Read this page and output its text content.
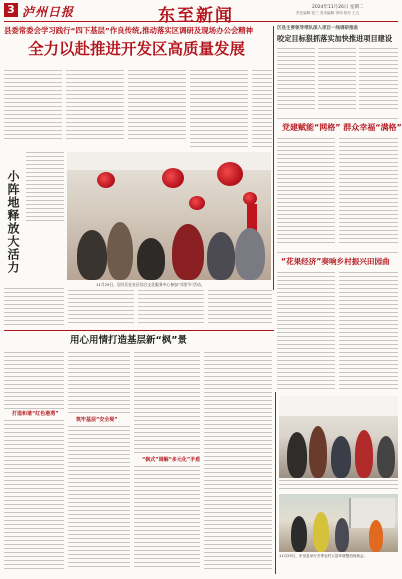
3 泸州日报	东至新闻	2024年11月26日 星期二
责任编辑 张三 美术编辑 李四 校对 王五
县委常委会学习践行“四下基层”作良传统,推动落实区调研及现场办公会精神
全力以赴推进开发区高质量发展
11月25日，居民们在社区综合文化服务中心参加“邻里节”活动。
小阵地释放大活力
区县主要领导带队深入项目一线调研推进
咬定目标狠抓落实加快推进项目建设
党建赋能“网格” 群众幸福“满格”
“花果经济”奏响乡村振兴田园曲
用心用情打造基层新“枫”景
打造和谐“红色港湾”
筑牢基层“安全堤”
“枫式”调解“多元化”矛盾
11月25日，东至县举行冬季农村人居环境整治现场会。
